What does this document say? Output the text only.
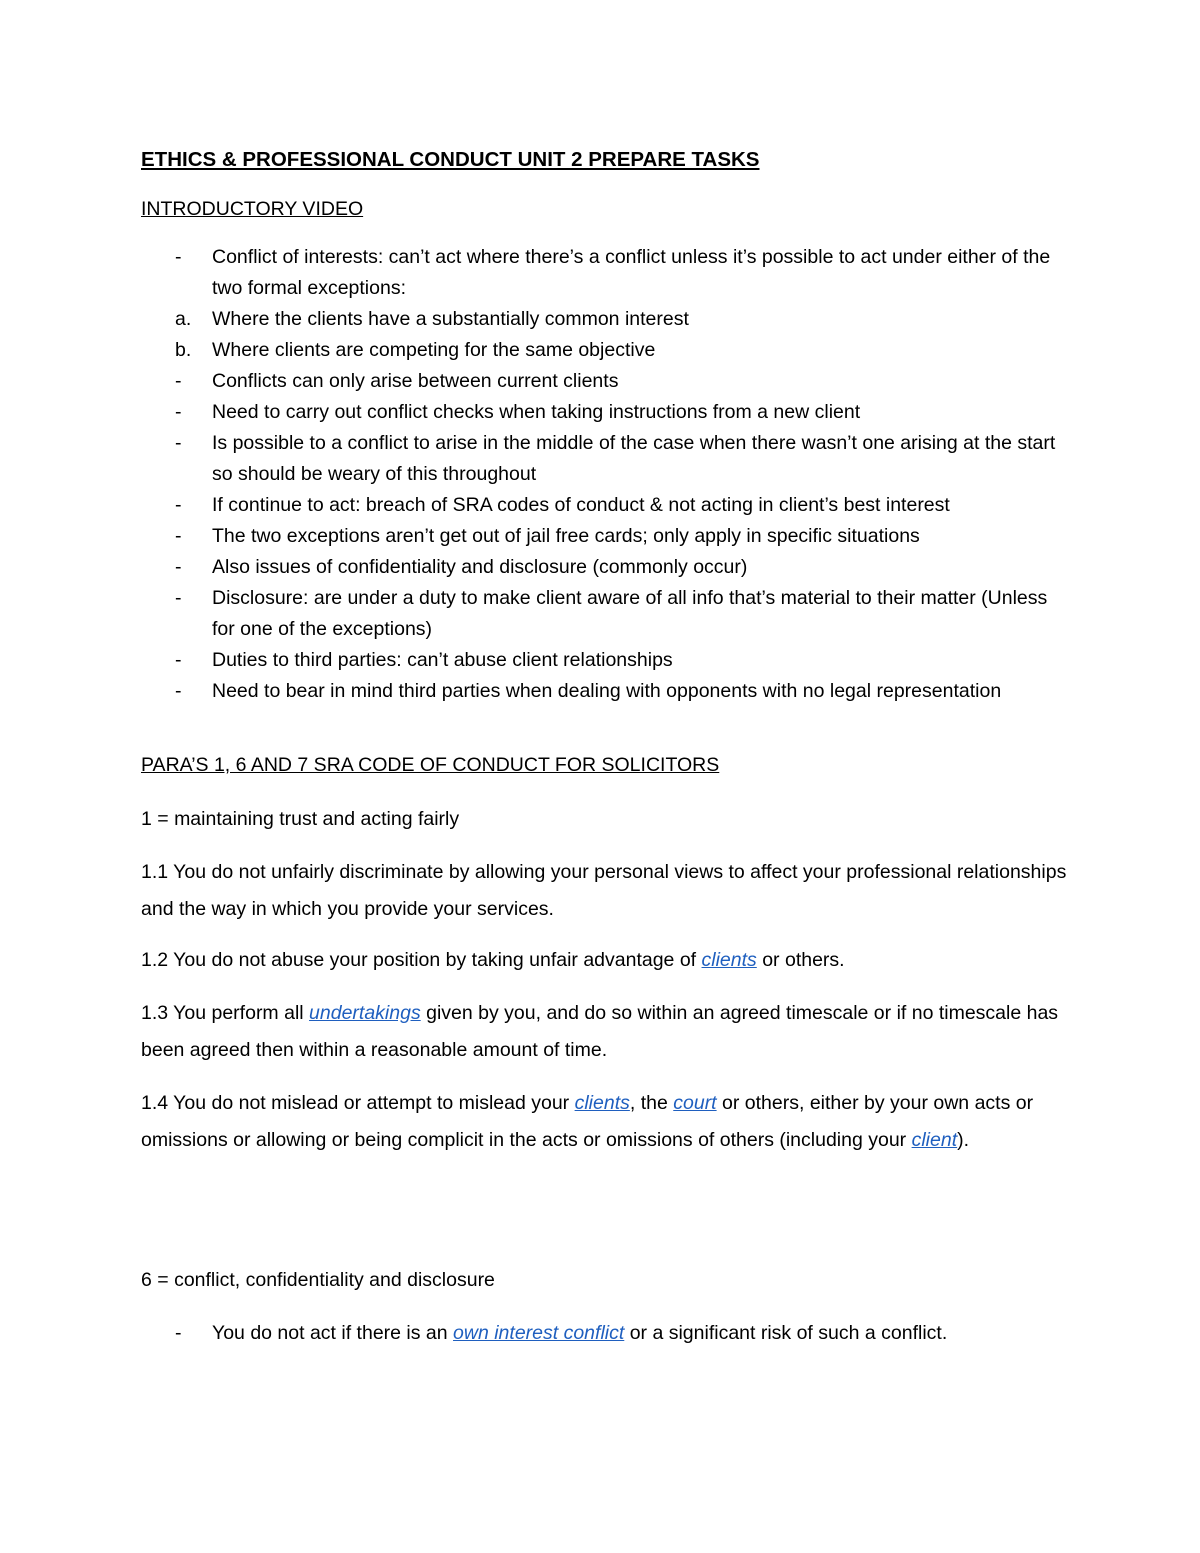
ETHICS & PROFESSIONAL CONDUCT UNIT 2 PREPARE TASKS
INTRODUCTORY VIDEO
-	Conflict of interests: can’t act where there’s a conflict unless it’s possible to act under either of the two formal exceptions:
a.	Where the clients have a substantially common interest
b.	Where clients are competing for the same objective
-	Conflicts can only arise between current clients
-	Need to carry out conflict checks when taking instructions from a new client
-	Is possible to a conflict to arise in the middle of the case when there wasn’t one arising at the start so should be weary of this throughout
-	If continue to act: breach of SRA codes of conduct & not acting in client’s best interest
-	The two exceptions aren’t get out of jail free cards; only apply in specific situations
-	Also issues of confidentiality and disclosure (commonly occur)
-	Disclosure: are under a duty to make client aware of all info that’s material to their matter (Unless for one of the exceptions)
-	Duties to third parties: can’t abuse client relationships
-	Need to bear in mind third parties when dealing with opponents with no legal representation
PARA’S 1, 6 AND 7 SRA CODE OF CONDUCT FOR SOLICITORS

1 = maintaining trust and acting fairly

1.1 You do not unfairly discriminate by allowing your personal views to affect your professional relationships and the way in which you provide your services.

1.2 You do not abuse your position by taking unfair advantage of clients or others.

1.3 You perform all undertakings given by you, and do so within an agreed timescale or if no timescale has been agreed then within a reasonable amount of time.

1.4 You do not mislead or attempt to mislead your clients, the court or others, either by your own acts or omissions or allowing or being complicit in the acts or omissions of others (including your client).

6 = conflict, confidentiality and disclosure

-	You do not act if there is an own interest conflict or a significant risk of such a conflict.
